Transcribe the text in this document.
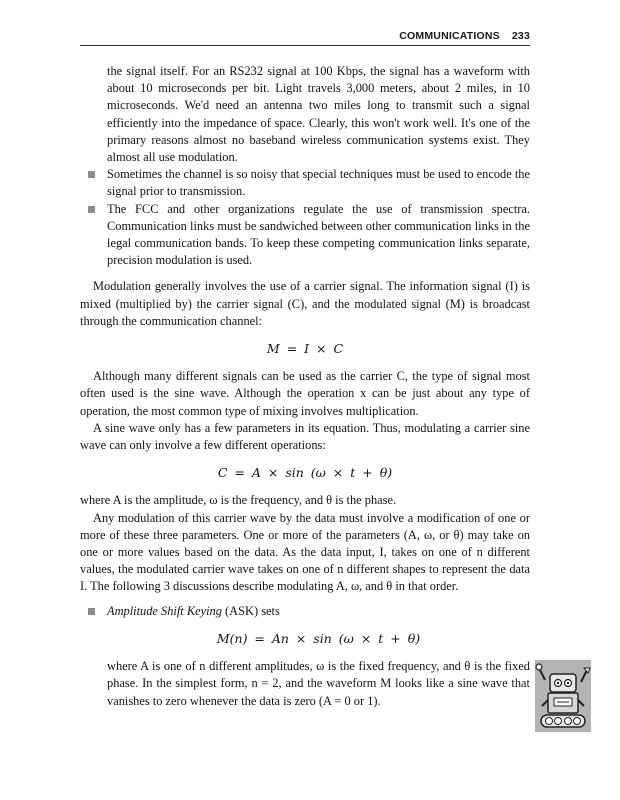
COMMUNICATIONS 233

the signal itself. For an RS232 signal at 100 Kbps, the signal has a waveform with about 10 microseconds per bit. Light travels 3,000 meters, about 2 miles, in 10 microseconds. We'd need an antenna two miles long to transmit such a signal efficiently into the impedance of space. Clearly, this won't work well. It's one of the primary reasons almost no baseband wireless communication systems exist. They almost all use modulation.

Sometimes the channel is so noisy that special techniques must be used to encode the signal prior to transmission.
The FCC and other organizations regulate the use of transmission spectra. Communication links must be sandwiched between other communication links in the legal communication bands. To keep these competing communication links separate, precision modulation is used.

Modulation generally involves the use of a carrier signal. The information signal (I) is mixed (multiplied by) the carrier signal (C), and the modulated signal (M) is broadcast through the communication channel:

M = I × C

Although many different signals can be used as the carrier C, the type of signal most often used is the sine wave. Although the operation x can be just about any type of operation, the most common type of mixing involves multiplication.

A sine wave only has a few parameters in its equation. Thus, modulating a carrier sine wave can only involve a few different operations:

C = A × sin (ω × t + θ)

where A is the amplitude, ω is the frequency, and θ is the phase.

Any modulation of this carrier wave by the data must involve a modification of one or more of these three parameters. One or more of the parameters (A, ω, or θ) may take on one or more values based on the data. As the data input, I, takes on one of n different values, the modulated carrier wave takes on one of n different shapes to represent the data I. The following 3 discussions describe modulating A, ω, and θ in that order.

Amplitude Shift Keying (ASK) sets

M(n) = An × sin (ω × t + θ)

where A is one of n different amplitudes, ω is the fixed frequency, and θ is the fixed phase. In the simplest form, n = 2, and the waveform M looks like a sine wave that vanishes to zero whenever the data is zero (A = 0 or 1).
